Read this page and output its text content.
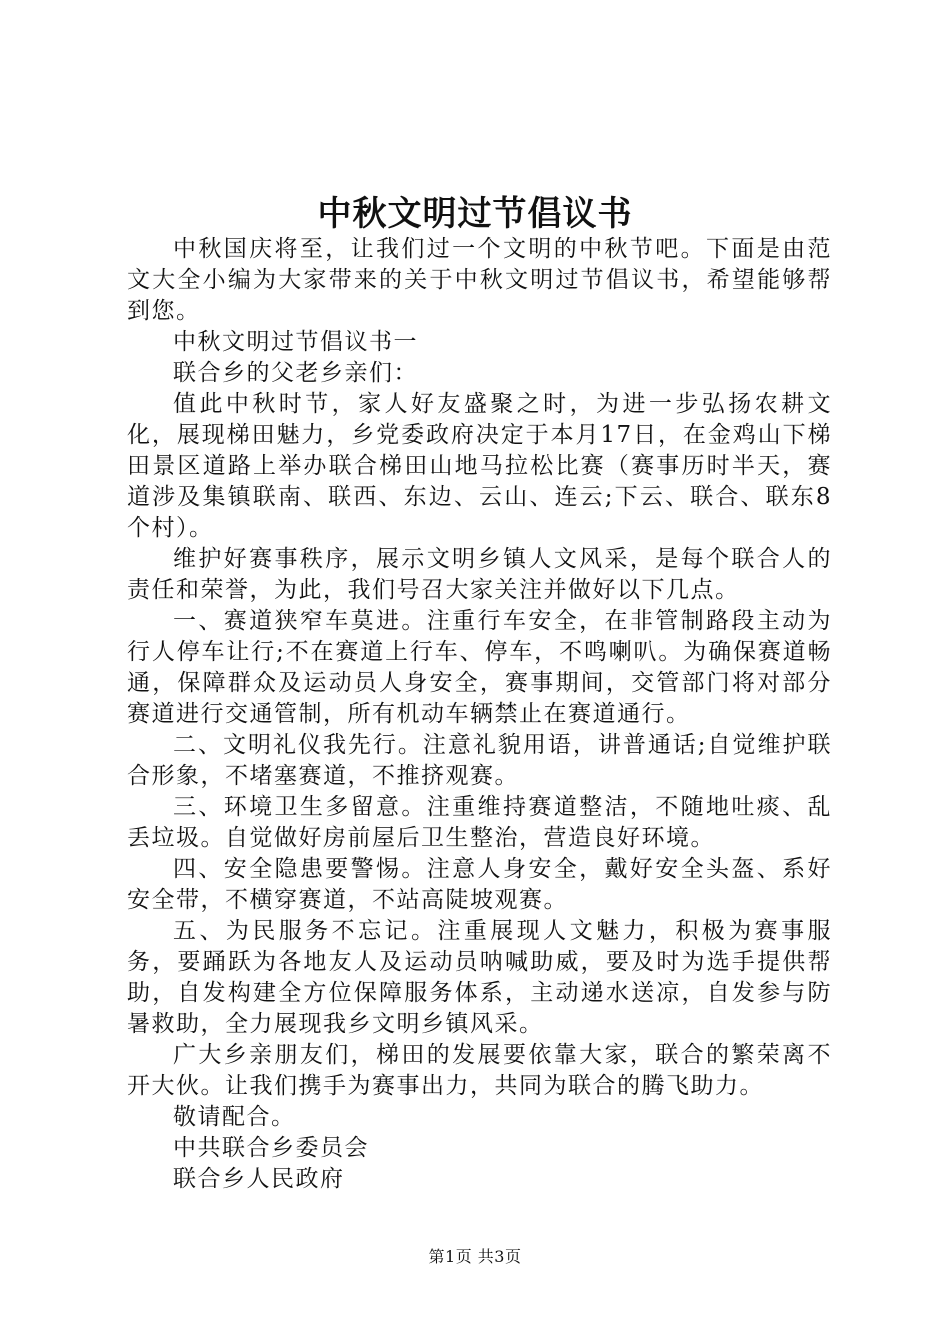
中秋文明过节倡议书

中秋国庆将至，让我们过一个文明的中秋节吧。下面是由范文大全小编为大家带来的关于中秋文明过节倡议书，希望能够帮到您。

中秋文明过节倡议书一

联合乡的父老乡亲们：

值此中秋时节，家人好友盛聚之时，为进一步弘扬农耕文化，展现梯田魅力，乡党委政府决定于本月17日，在金鸡山下梯田景区道路上举办联合梯田山地马拉松比赛（赛事历时半天，赛道涉及集镇联南、联西、东边、云山、连云;下云、联合、联东8个村）。

维护好赛事秩序，展示文明乡镇人文风采，是每个联合人的责任和荣誉，为此，我们号召大家关注并做好以下几点。

一、赛道狭窄车莫进。注重行车安全，在非管制路段主动为行人停车让行;不在赛道上行车、停车，不鸣喇叭。为确保赛道畅通，保障群众及运动员人身安全，赛事期间，交管部门将对部分赛道进行交通管制，所有机动车辆禁止在赛道通行。

二、文明礼仪我先行。注意礼貌用语，讲普通话;自觉维护联合形象，不堵塞赛道，不推挤观赛。

三、环境卫生多留意。注重维持赛道整洁，不随地吐痰、乱丢垃圾。自觉做好房前屋后卫生整治，营造良好环境。

四、安全隐患要警惕。注意人身安全，戴好安全头盔、系好安全带，不横穿赛道，不站高陡坡观赛。

五、为民服务不忘记。注重展现人文魅力，积极为赛事服务，要踊跃为各地友人及运动员呐喊助威，要及时为选手提供帮助，自发构建全方位保障服务体系，主动递水送凉，自发参与防暑救助，全力展现我乡文明乡镇风采。

广大乡亲朋友们，梯田的发展要依靠大家，联合的繁荣离不开大伙。让我们携手为赛事出力，共同为联合的腾飞助力。

敬请配合。

中共联合乡委员会

联合乡人民政府

第1页 共3页
